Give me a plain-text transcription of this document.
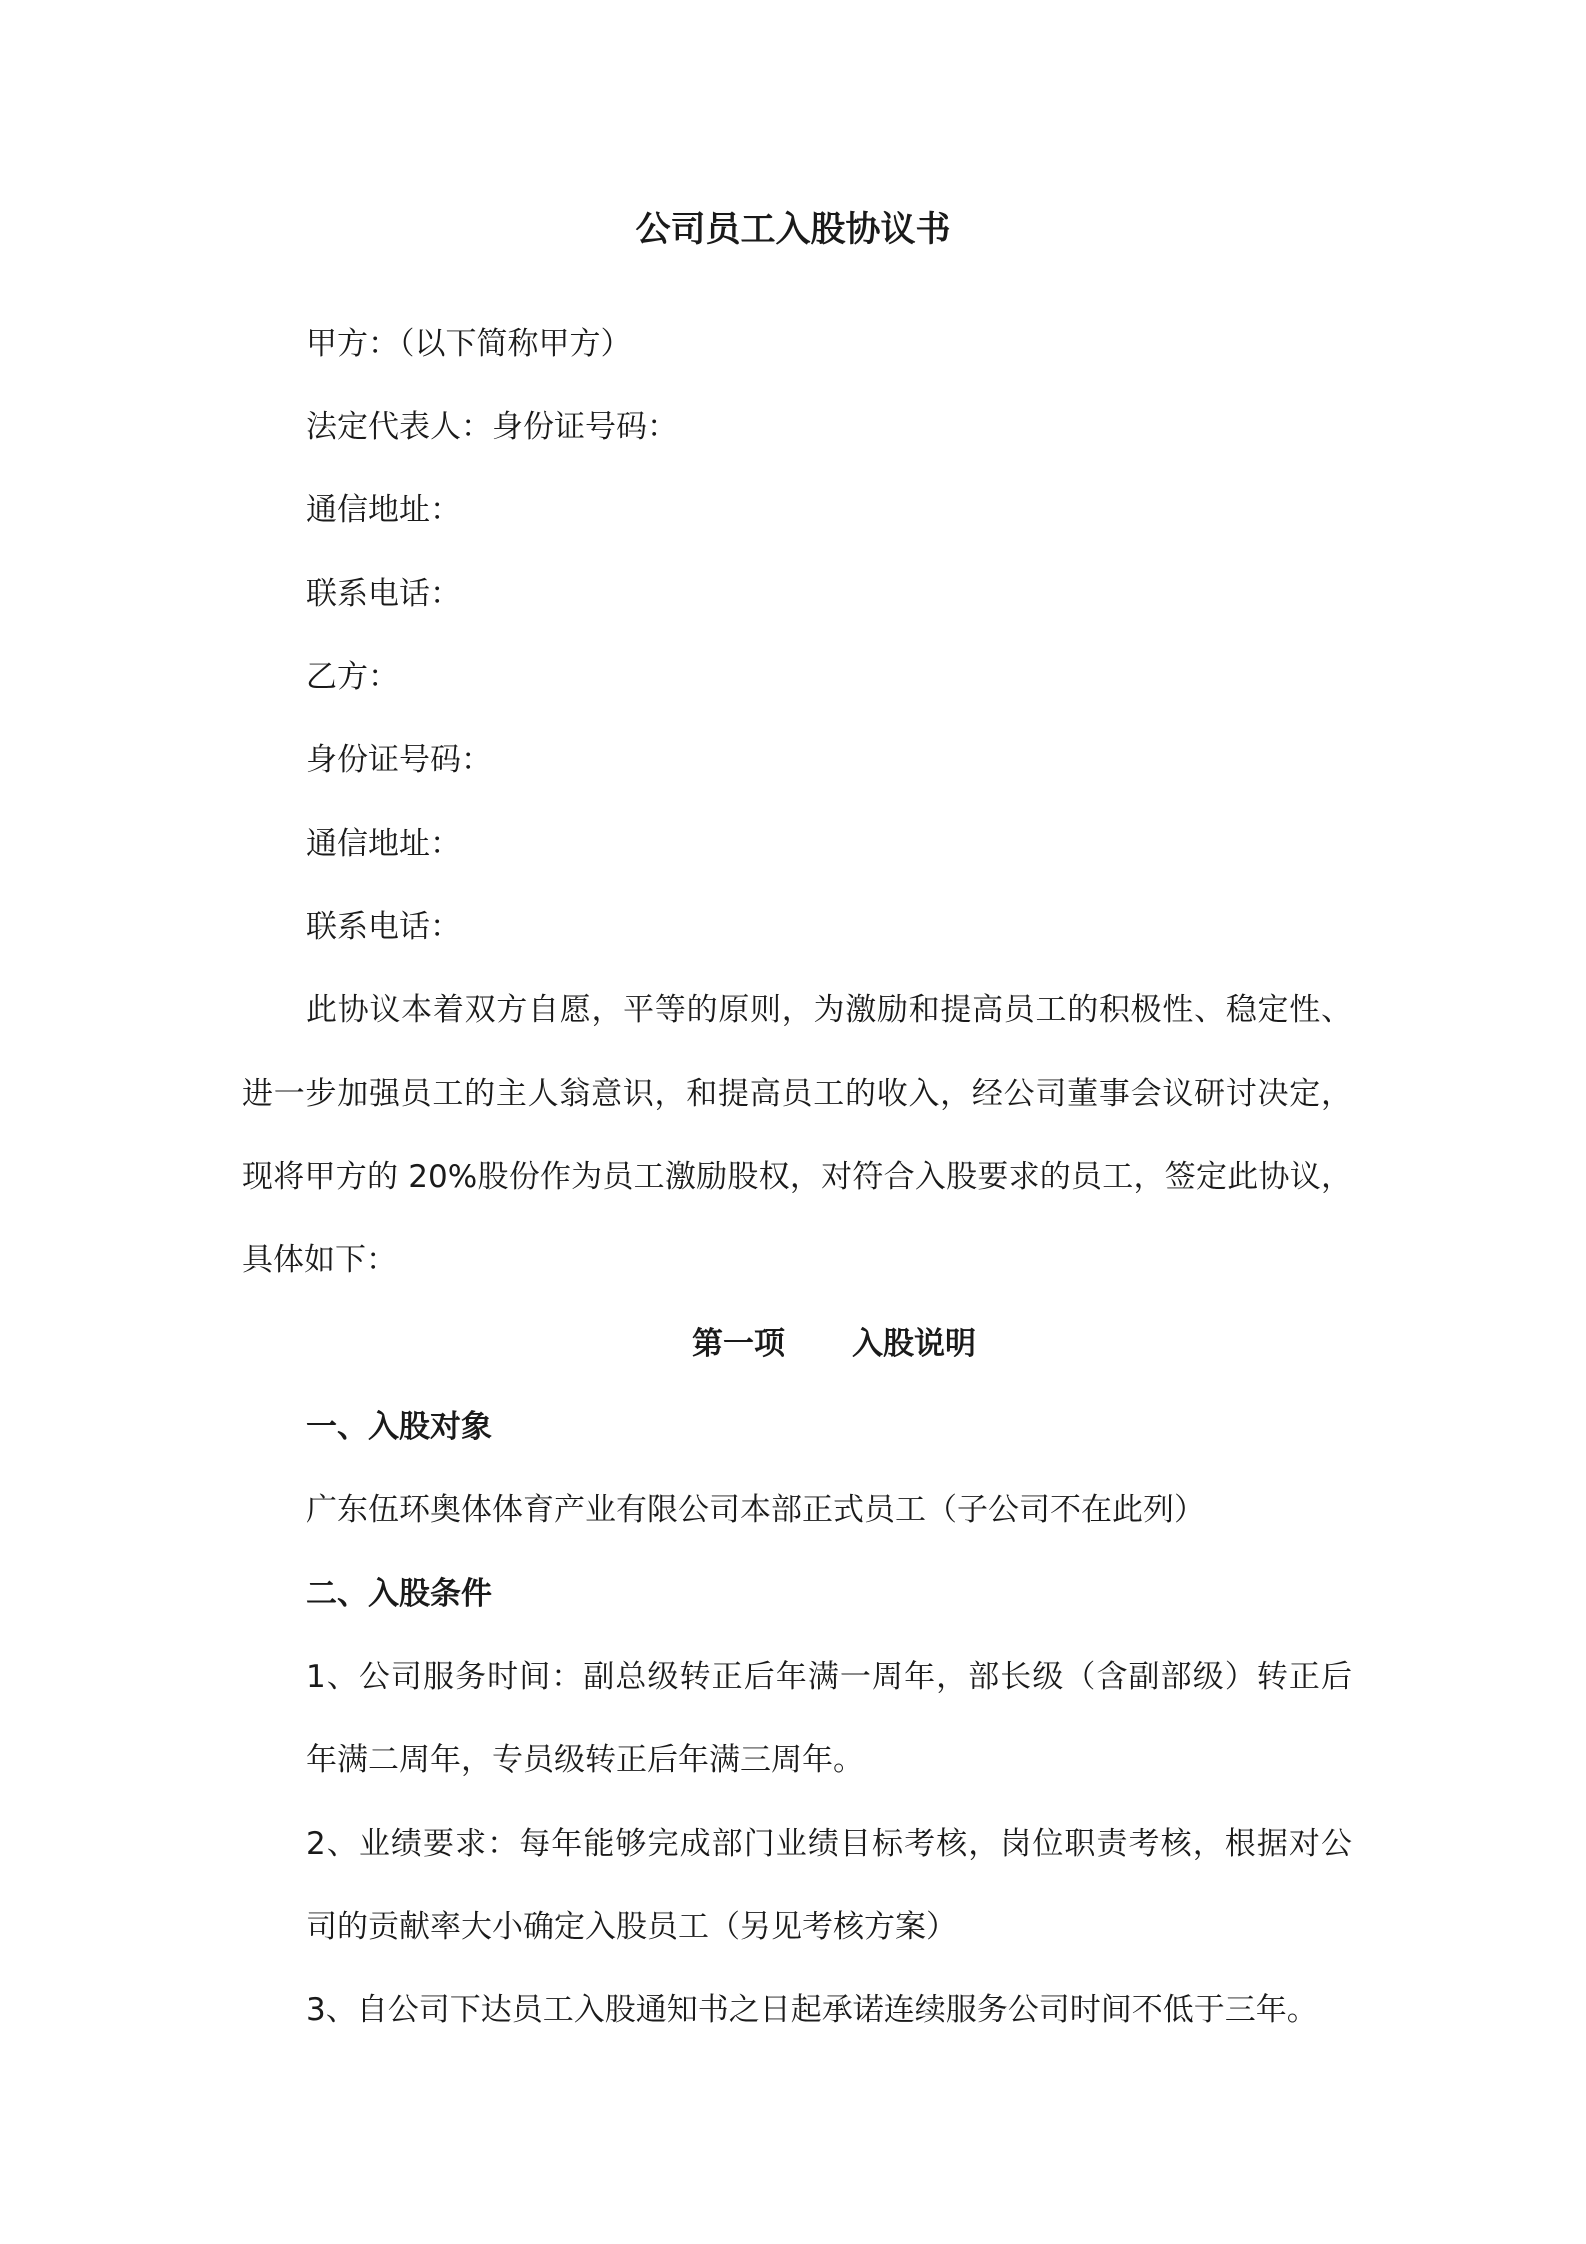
公司员工入股协议书

甲方：（以下简称甲方）

法定代表人：身份证号码：

通信地址：

联系电话：

乙方：

身份证号码：

通信地址：

联系电话：

此协议本着双方自愿，平等的原则，为激励和提高员工的积极性、稳定性、

进一步加强员工的主人翁意识，和提高员工的收入，经公司董事会议研讨决定，

现将甲方的 20%股份作为员工激励股权，对符合入股要求的员工，签定此协议，

具体如下：

第一项 入股说明

一、入股对象

广东伍环奥体体育产业有限公司本部正式员工（子公司不在此列）

二、入股条件

1、公司服务时间：副总级转正后年满一周年，部长级（含副部级）转正后

年满二周年，专员级转正后年满三周年。

2、业绩要求：每年能够完成部门业绩目标考核，岗位职责考核，根据对公

司的贡献率大小确定入股员工（另见考核方案）

3、自公司下达员工入股通知书之日起承诺连续服务公司时间不低于三年。
